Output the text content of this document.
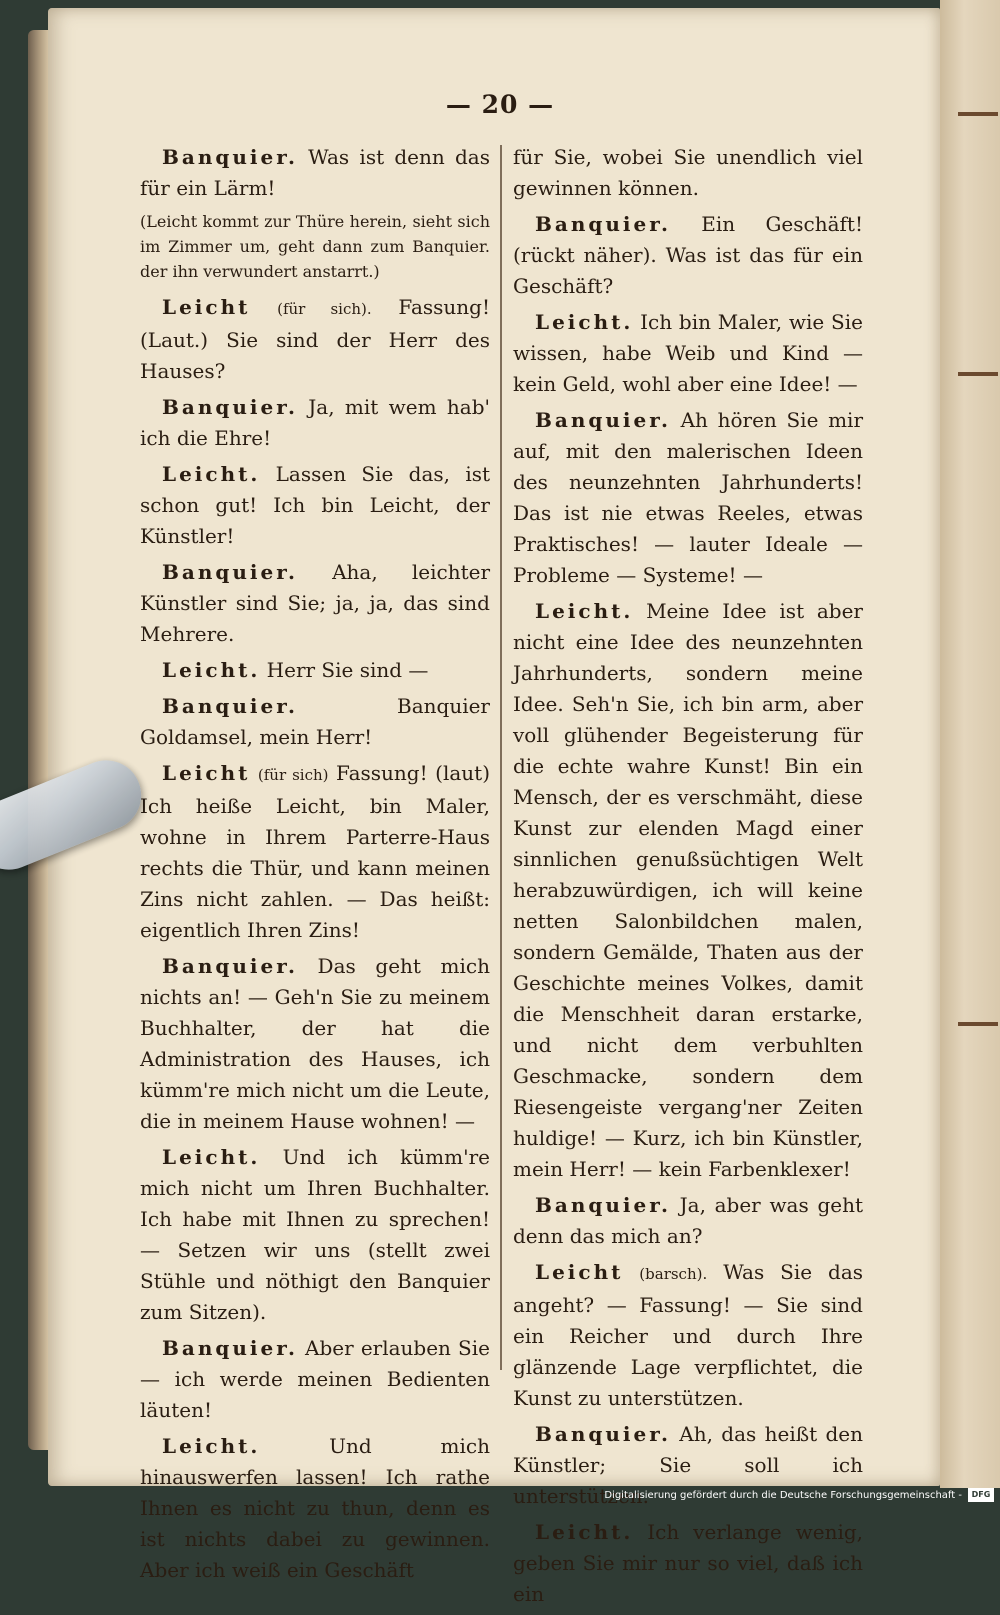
— 20 —

Banquier. Was ist denn das für ein Lärm!

(Leicht kommt zur Thüre herein, sieht sich im Zimmer um, geht dann zum Banquier. der ihn verwundert anstarrt.)

Leicht (für sich). Fassung! (Laut.) Sie sind der Herr des Hauses?

Banquier. Ja, mit wem hab' ich die Ehre!

Leicht. Lassen Sie das, ist schon gut! Ich bin Leicht, der Künstler!

Banquier. Aha, leichter Künstler sind Sie; ja, ja, das sind Mehrere.

Leicht. Herr Sie sind —

Banquier.	Banquier Goldamsel, mein Herr!

Leicht (für sich) Fassung! (laut) Ich heiße Leicht, bin Maler, wohne in Ihrem Parterre-Haus rechts die Thür, und kann meinen Zins nicht zahlen. — Das heißt: eigentlich Ihren Zins!

Banquier. Das geht mich nichts an! — Geh'n Sie zu meinem Buchhalter, der hat die Administration des Hauses, ich kümm're mich nicht um die Leute, die in meinem Hause wohnen! —

Leicht. Und ich kümm're mich nicht um Ihren Buchhalter. Ich habe mit Ihnen zu sprechen! — Setzen wir uns (stellt zwei Stühle und nöthigt den Banquier zum Sitzen).

Banquier. Aber erlauben Sie — ich werde meinen Bedienten läuten!

Leicht.	Und mich hinauswerfen lassen! Ich rathe Ihnen es nicht zu thun, denn es ist nichts dabei zu gewinnen. Aber ich weiß ein Geschäft

für Sie, wobei Sie unendlich viel gewinnen können.

Banquier. Ein Geschäft! (rückt näher). Was ist das für ein Geschäft?

Leicht. Ich bin Maler, wie Sie wissen, habe Weib und Kind — kein Geld, wohl aber eine Idee! —

Banquier. Ah hören Sie mir auf, mit den malerischen Ideen des neunzehnten Jahrhunderts! Das ist nie etwas Reeles, etwas Praktisches! — lauter Ideale — Probleme — Systeme! —

Leicht. Meine Idee ist aber nicht eine Idee des neunzehnten Jahrhunderts, sondern meine Idee. Seh'n Sie, ich bin arm, aber voll glühender Begeisterung für die echte wahre Kunst! Bin ein Mensch, der es verschmäht, diese Kunst zur elenden Magd einer sinnlichen genußsüchtigen Welt herabzuwürdigen, ich will keine netten Salonbildchen malen, sondern Gemälde, Thaten aus der Geschichte meines Volkes, damit die Menschheit daran erstarke, und nicht dem verbuhlten Geschmacke, sondern dem Riesengeiste vergang'ner Zeiten huldige! — Kurz, ich bin Künstler, mein Herr! — kein Farbenklexer!

Banquier. Ja, aber was geht denn das mich an?

Leicht (barsch). Was Sie das angeht? — Fassung! — Sie sind ein Reicher und durch Ihre glänzende Lage verpflichtet, die Kunst zu unterstützen.

Banquier. Ah, das heißt den Künstler; Sie soll ich unterstützen.

Leicht. Ich verlange wenig, geben Sie mir nur so viel, daß ich ein

Digitalisierung gefördert durch die Deutsche Forschungsgemeinschaft -	DFG
